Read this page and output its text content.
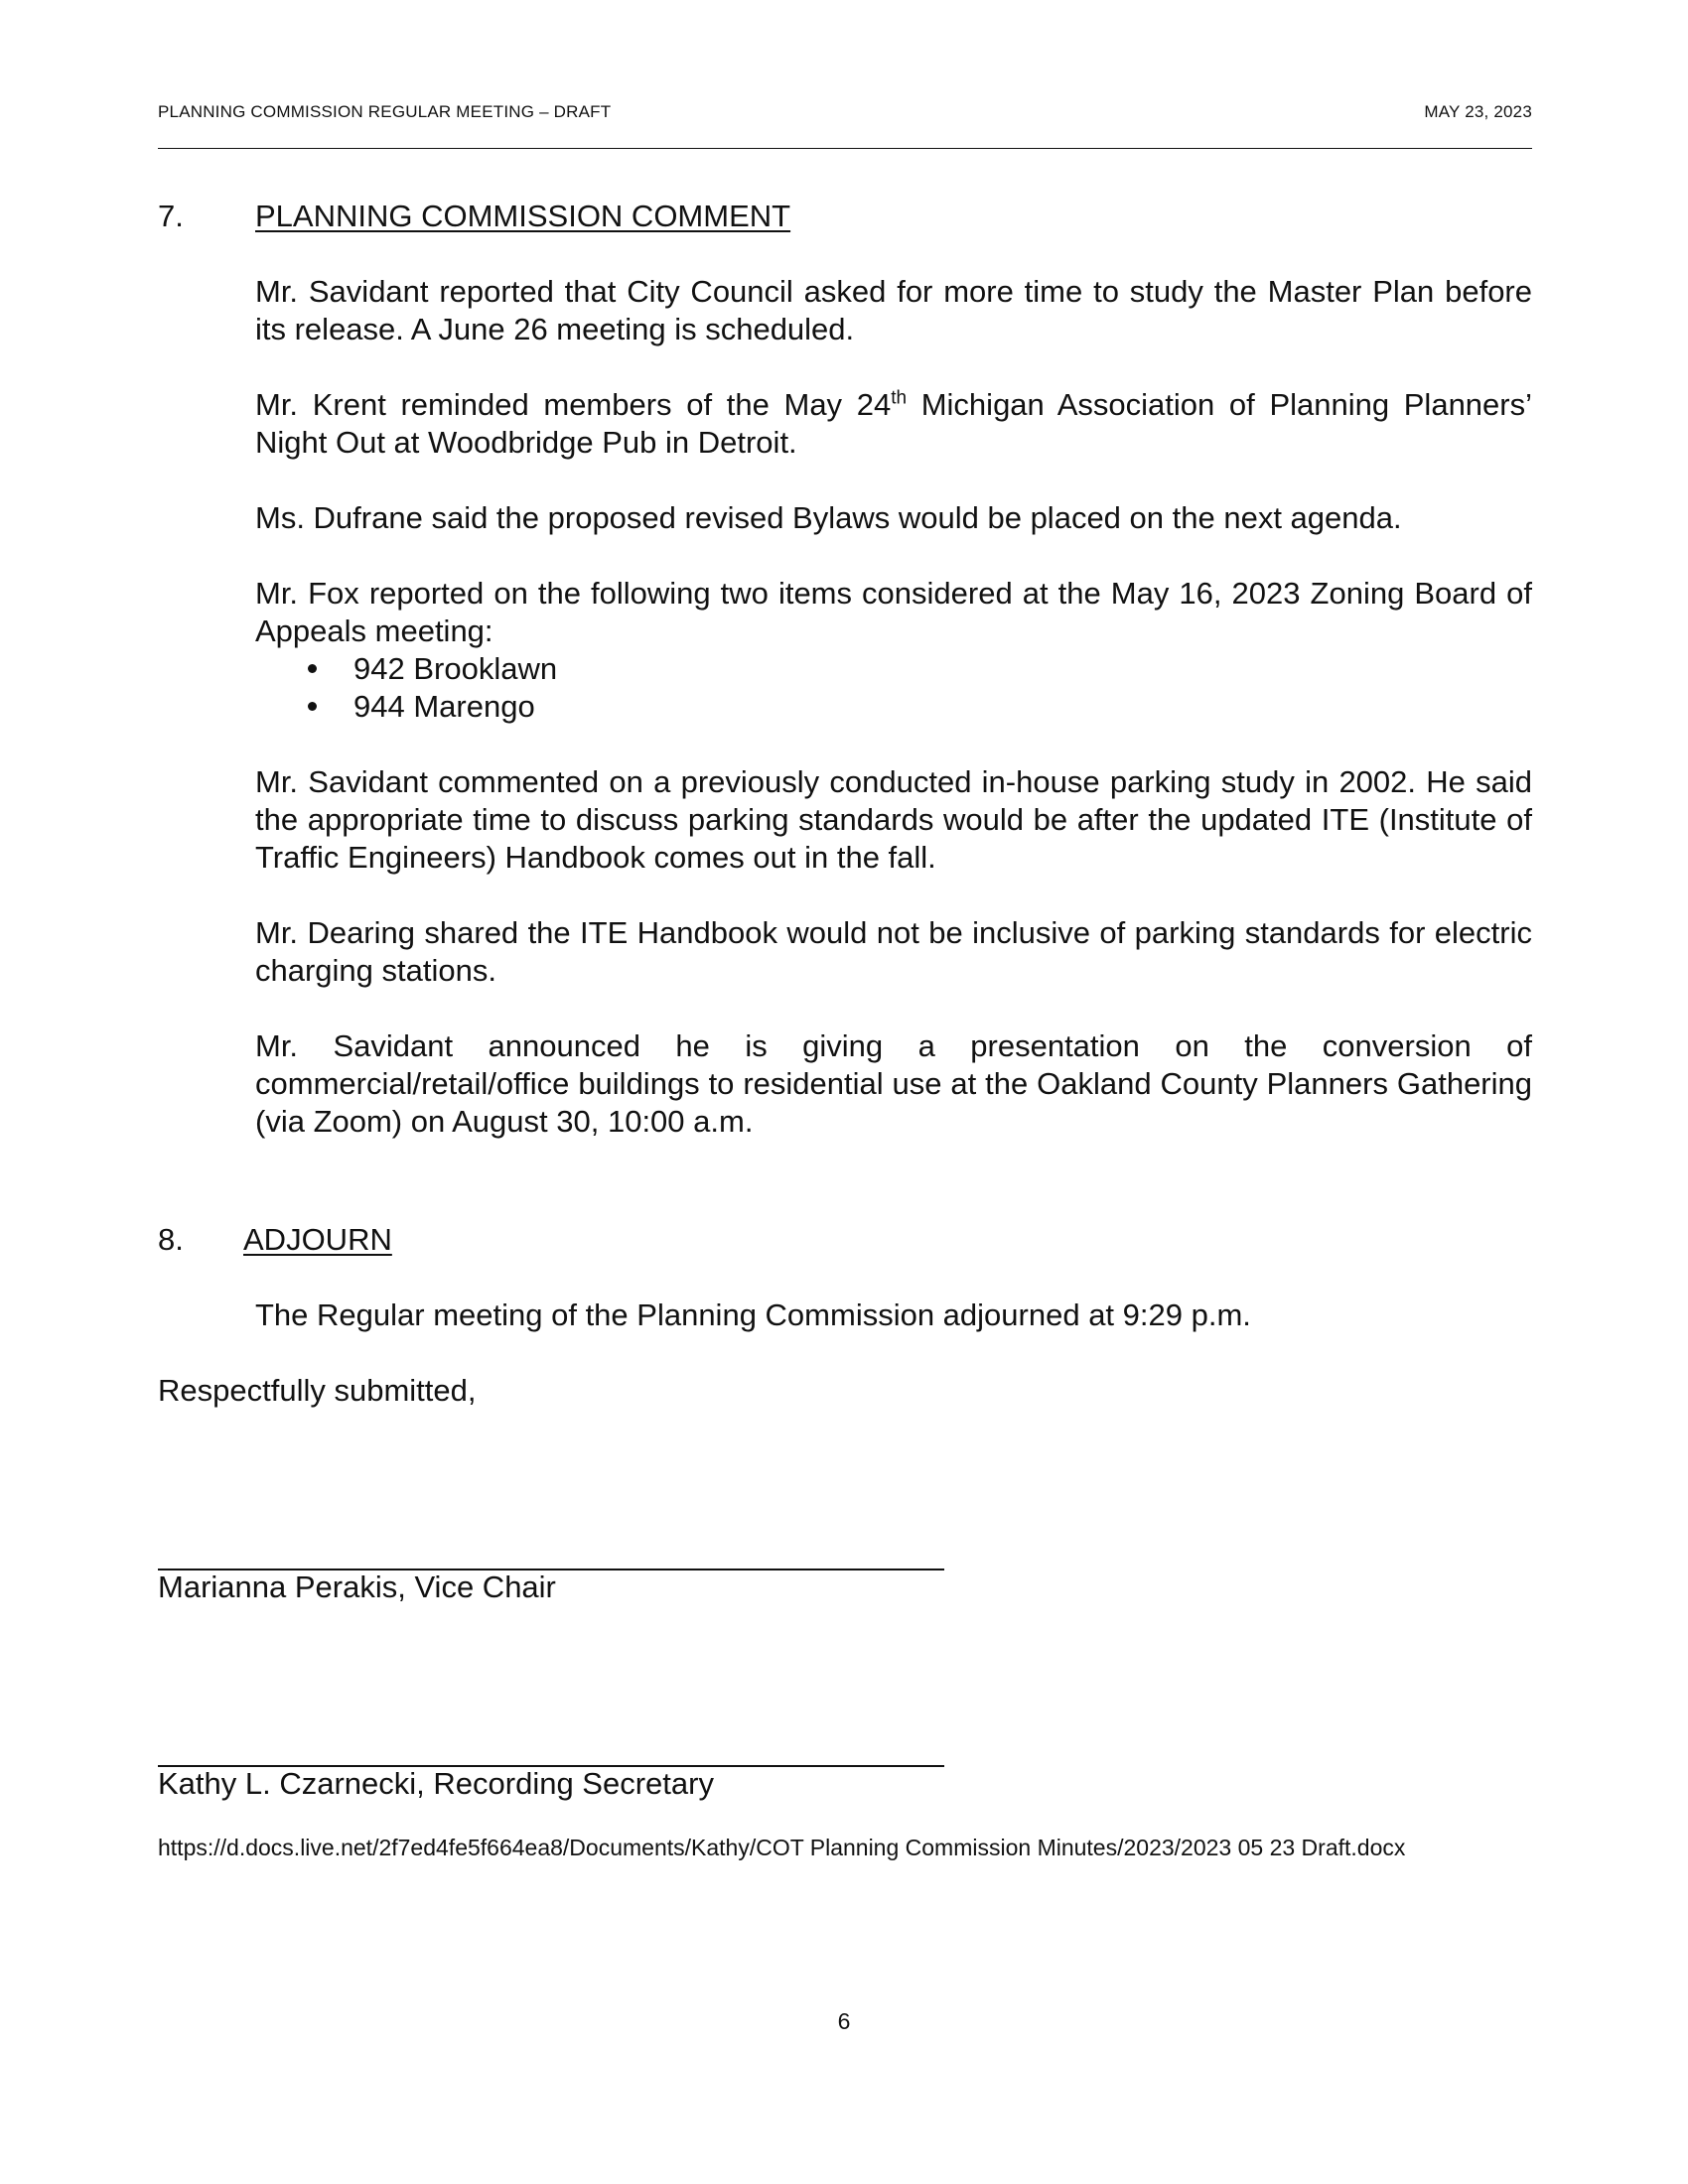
PLANNING COMMISSION REGULAR MEETING – DRAFT	MAY 23, 2023
7. PLANNING COMMISSION COMMENT

Mr. Savidant reported that City Council asked for more time to study the Master Plan before its release. A June 26 meeting is scheduled.

Mr. Krent reminded members of the May 24th Michigan Association of Planning Planners’ Night Out at Woodbridge Pub in Detroit.

Ms. Dufrane said the proposed revised Bylaws would be placed on the next agenda.

Mr. Fox reported on the following two items considered at the May 16, 2023 Zoning Board of Appeals meeting:

942 Brooklawn
944 Marengo

Mr. Savidant commented on a previously conducted in-house parking study in 2002. He said the appropriate time to discuss parking standards would be after the updated ITE (Institute of Traffic Engineers) Handbook comes out in the fall.

Mr. Dearing shared the ITE Handbook would not be inclusive of parking standards for electric charging stations.

Mr. Savidant announced he is giving a presentation on the conversion of commercial/retail/office buildings to residential use at the Oakland County Planners Gathering (via Zoom) on August 30, 10:00 a.m.

8. ADJOURN

The Regular meeting of the Planning Commission adjourned at 9:29 p.m.

Respectfully submitted,
Marianna Perakis, Vice Chair
Kathy L. Czarnecki, Recording Secretary
https://d.docs.live.net/2f7ed4fe5f664ea8/Documents/Kathy/COT Planning Commission Minutes/2023/2023 05 23 Draft.docx
6
